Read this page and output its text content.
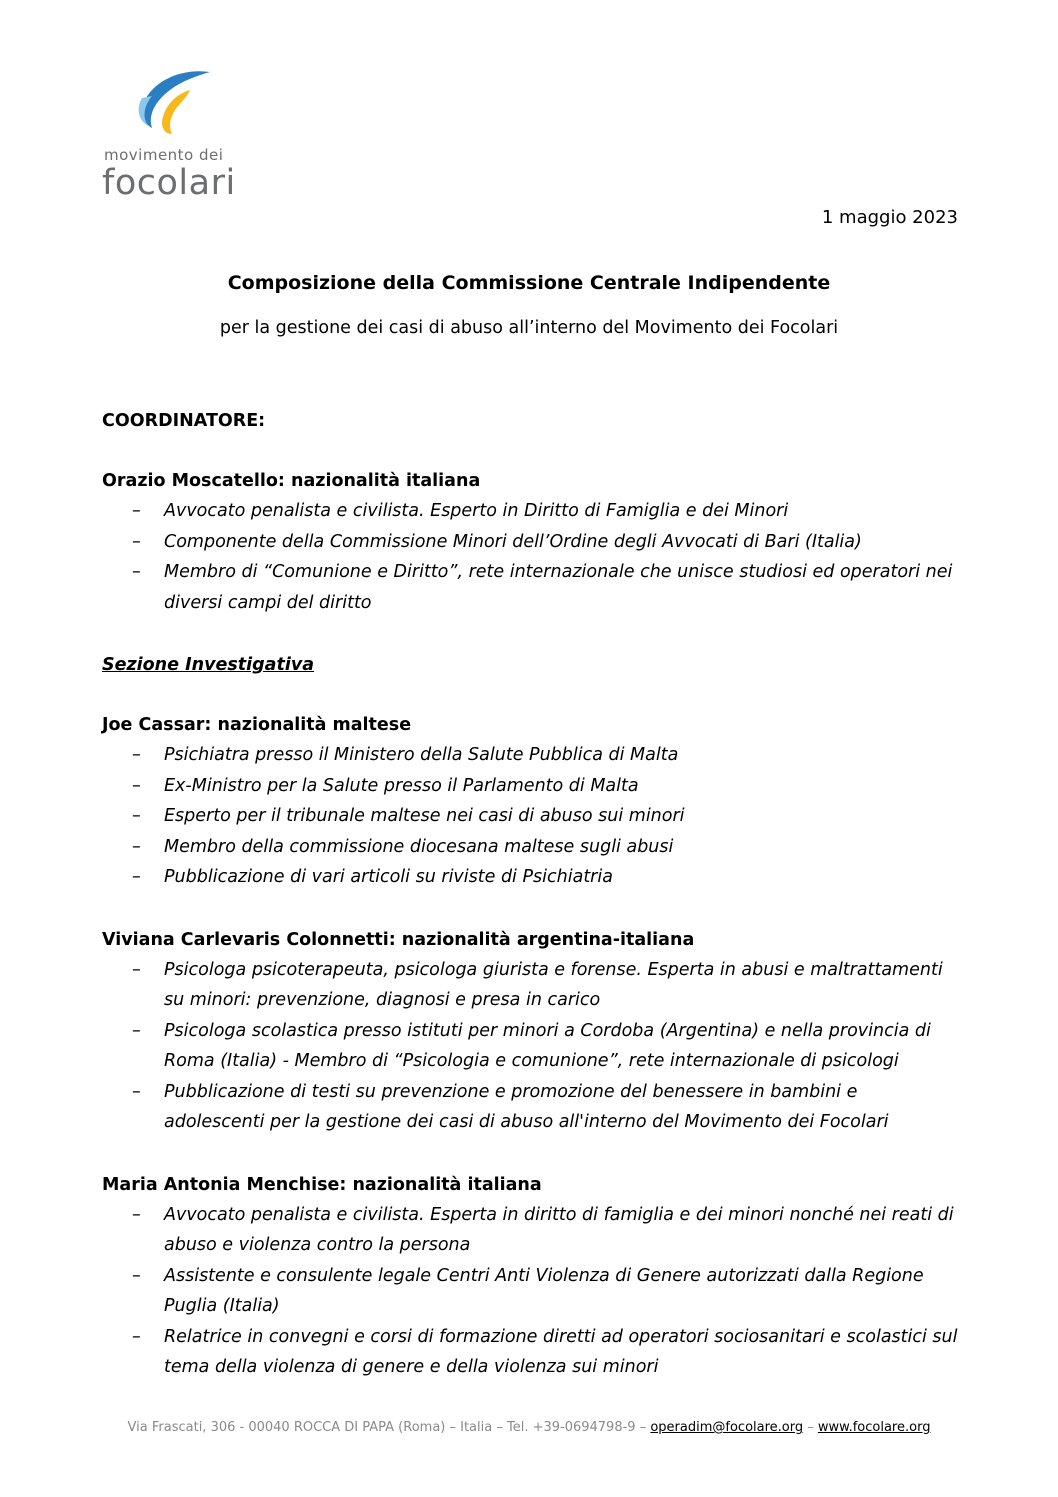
movimento dei
focolari
1 maggio 2023
Composizione della Commissione Centrale Indipendente
per la gestione dei casi di abuso all’interno del Movimento dei Focolari
COORDINATORE:
Orazio Moscatello: nazionalità italiana
– Avvocato penalista e civilista. Esperto in Diritto di Famiglia e dei Minori
– Componente della Commissione Minori dell’Ordine degli Avvocati di Bari (Italia)
– Membro di “Comunione e Diritto”, rete internazionale che unisce studiosi ed operatori nei diversi campi del diritto
Sezione Investigativa
Joe Cassar: nazionalità maltese
– Psichiatra presso il Ministero della Salute Pubblica di Malta
– Ex-Ministro per la Salute presso il Parlamento di Malta
– Esperto per il tribunale maltese nei casi di abuso sui minori
– Membro della commissione diocesana maltese sugli abusi
– Pubblicazione di vari articoli su riviste di Psichiatria
Viviana Carlevaris Colonnetti: nazionalità argentina-italiana
– Psicologa psicoterapeuta, psicologa giurista e forense. Esperta in abusi e maltrattamenti su minori: prevenzione, diagnosi e presa in carico
– Psicologa scolastica presso istituti per minori a Cordoba (Argentina) e nella provincia di Roma (Italia) - Membro di “Psicologia e comunione”, rete internazionale di psicologi
– Pubblicazione di testi su prevenzione e promozione del benessere in bambini e adolescenti per la gestione dei casi di abuso all'interno del Movimento dei Focolari
Maria Antonia Menchise: nazionalità italiana
– Avvocato penalista e civilista. Esperta in diritto di famiglia e dei minori nonché nei reati di abuso e violenza contro la persona
– Assistente e consulente legale Centri Anti Violenza di Genere autorizzati dalla Regione Puglia (Italia)
– Relatrice in convegni e corsi di formazione diretti ad operatori sociosanitari e scolastici sul tema della violenza di genere e della violenza sui minori
Via Frascati, 306 - 00040 ROCCA DI PAPA (Roma) – Italia – Tel. +39-0694798-9 – operadim@focolare.org – www.focolare.org
